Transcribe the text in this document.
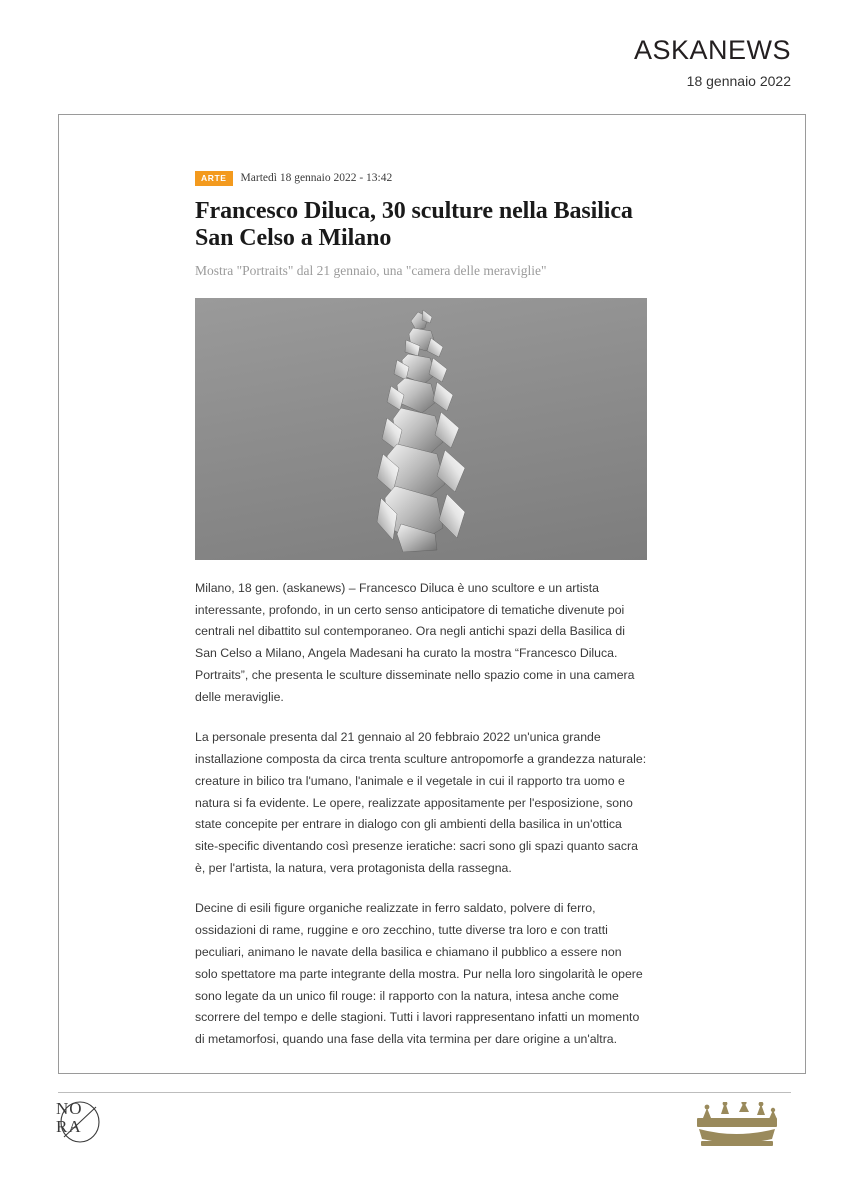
ASKANEWS
18 gennaio 2022
ARTE	Martedì 18 gennaio 2022 - 13:42
Francesco Diluca, 30 sculture nella Basilica San Celso a Milano
Mostra "Portraits" dal 21 gennaio, una "camera delle meraviglie"

Milano, 18 gen. (askanews) – Francesco Diluca è uno scultore e un artista interessante, profondo, in un certo senso anticipatore di tematiche divenute poi centrali nel dibattito sul contemporaneo. Ora negli antichi spazi della Basilica di San Celso a Milano, Angela Madesani ha curato la mostra “Francesco Diluca. Portraits”, che presenta le sculture disseminate nello spazio come in una camera delle meraviglie.

La personale presenta dal 21 gennaio al 20 febbraio 2022 un'unica grande installazione composta da circa trenta sculture antropomorfe a grandezza naturale: creature in bilico tra l'umano, l'animale e il vegetale in cui il rapporto tra uomo e natura si fa evidente. Le opere, realizzate appositamente per l'esposizione, sono state concepite per entrare in dialogo con gli ambienti della basilica in un'ottica site-specific diventando così presenze ieratiche: sacri sono gli spazi quanto sacra è, per l'artista, la natura, vera protagonista della rassegna.

Decine di esili figure organiche realizzate in ferro saldato, polvere di ferro, ossidazioni di rame, ruggine e oro zecchino, tutte diverse tra loro e con tratti peculiari, animano le navate della basilica e chiamano il pubblico a essere non solo spettatore ma parte integrante della mostra. Pur nella loro singolarità le opere sono legate da un unico fil rouge: il rapporto con la natura, intesa anche come scorrere del tempo e delle stagioni. Tutti i lavori rappresentano infatti un momento di metamorfosi, quando una fase della vita termina per dare origine a un'altra.

NO
RA
